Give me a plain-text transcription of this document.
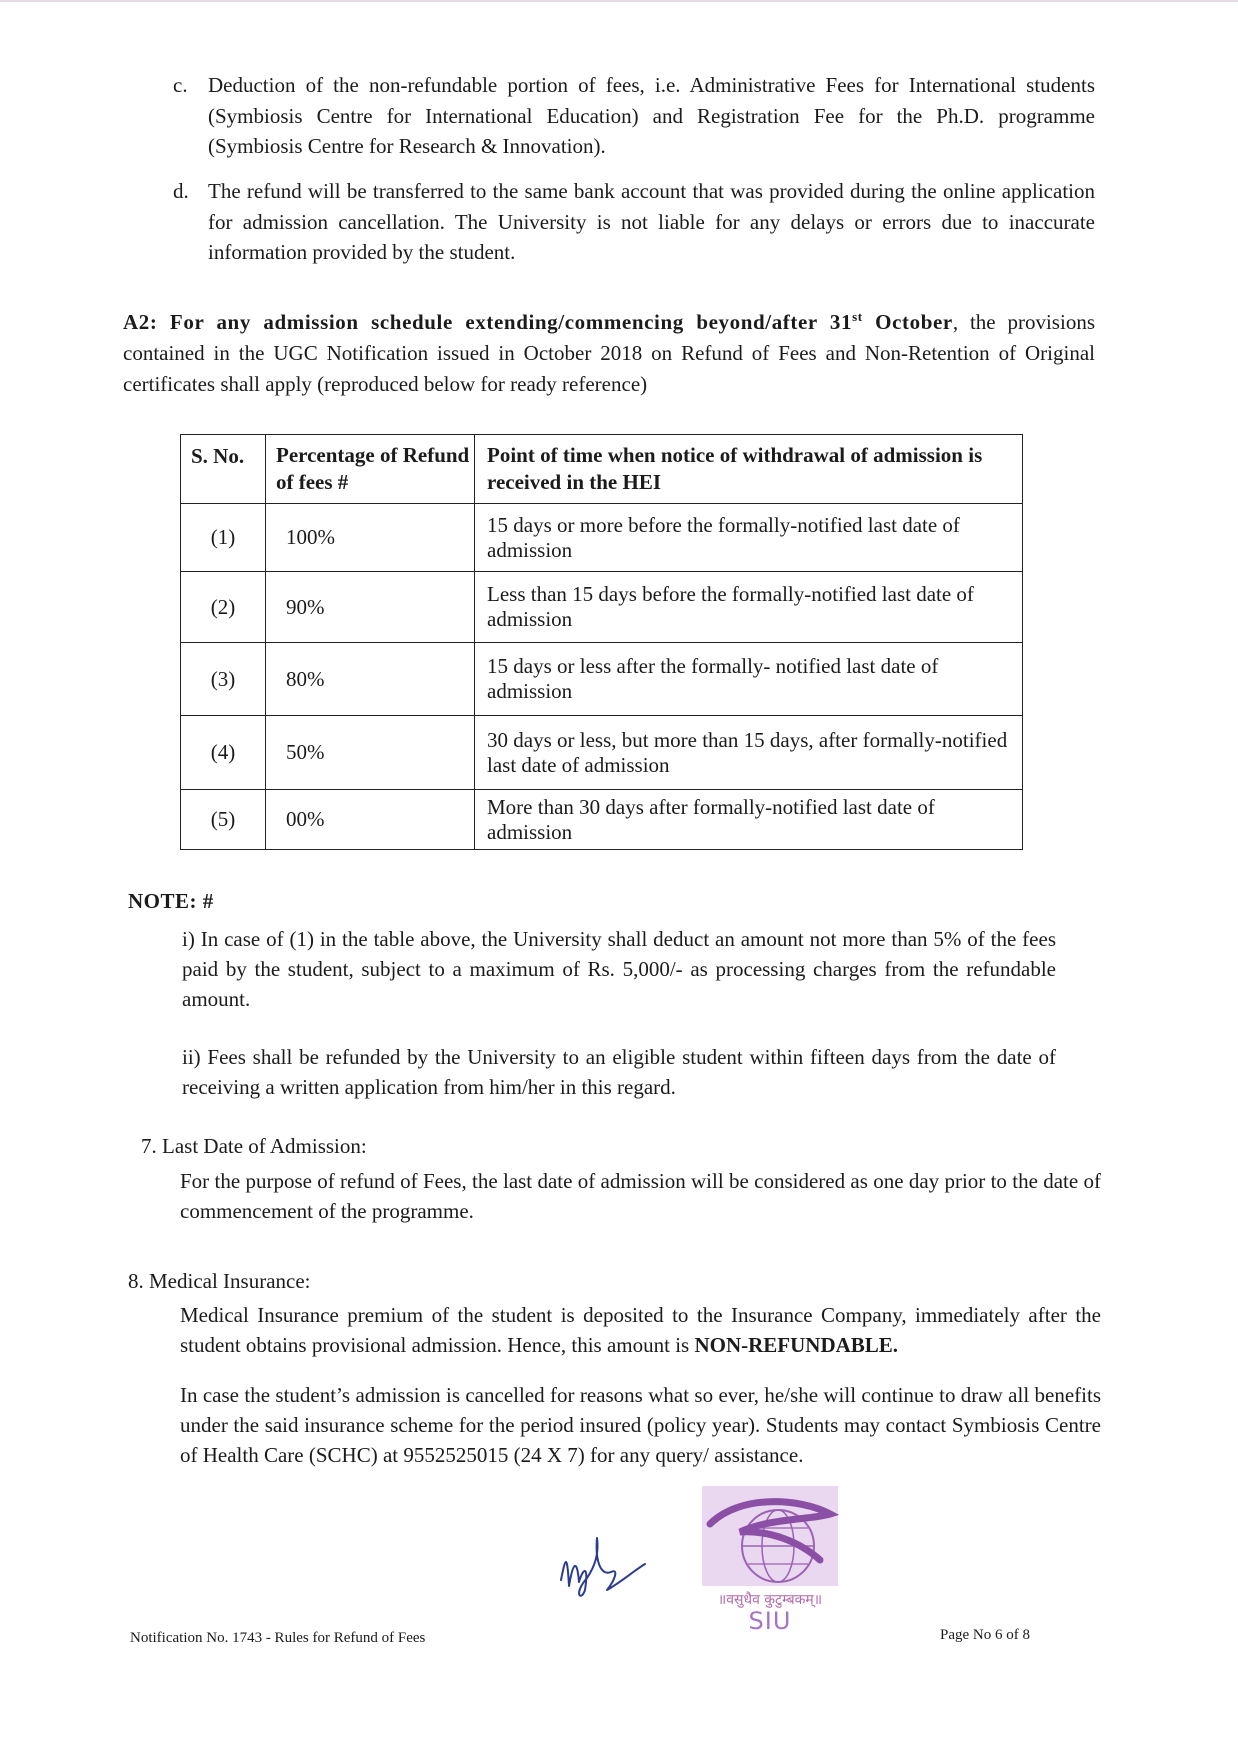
c. Deduction of the non-refundable portion of fees, i.e. Administrative Fees for International students (Symbiosis Centre for International Education) and Registration Fee for the Ph.D. programme (Symbiosis Centre for Research & Innovation).
d. The refund will be transferred to the same bank account that was provided during the online application for admission cancellation. The University is not liable for any delays or errors due to inaccurate information provided by the student.
A2: For any admission schedule extending/commencing beyond/after 31st October, the provisions contained in the UGC Notification issued in October 2018 on Refund of Fees and Non-Retention of Original certificates shall apply (reproduced below for ready reference)
S. No.	Percentage of Refund of fees #	Point of time when notice of withdrawal of admission is received in the HEI
(1)	100%	15 days or more before the formally-notified last date of admission
(2)	90%	Less than 15 days before the formally-notified last date of admission
(3)	80%	15 days or less after the formally- notified last date of admission
(4)	50%	30 days or less, but more than 15 days, after formally-notified last date of admission
(5)	00%	More than 30 days after formally-notified last date of admission
NOTE: #
i) In case of (1) in the table above, the University shall deduct an amount not more than 5% of the fees paid by the student, subject to a maximum of Rs. 5,000/- as processing charges from the refundable amount.
ii) Fees shall be refunded by the University to an eligible student within fifteen days from the date of receiving a written application from him/her in this regard.
7. Last Date of Admission:
For the purpose of refund of Fees, the last date of admission will be considered as one day prior to the date of commencement of the programme.
8. Medical Insurance:
Medical Insurance premium of the student is deposited to the Insurance Company, immediately after the student obtains provisional admission. Hence, this amount is NON-REFUNDABLE.
In case the student’s admission is cancelled for reasons what so ever, he/she will continue to draw all benefits under the said insurance scheme for the period insured (policy year). Students may contact Symbiosis Centre of Health Care (SCHC) at 9552525015 (24 X 7) for any query/ assistance.
॥वसुधैव कुटुम्बकम्॥
SIU
Notification No. 1743 - Rules for Refund of Fees	Page No 6 of 8
